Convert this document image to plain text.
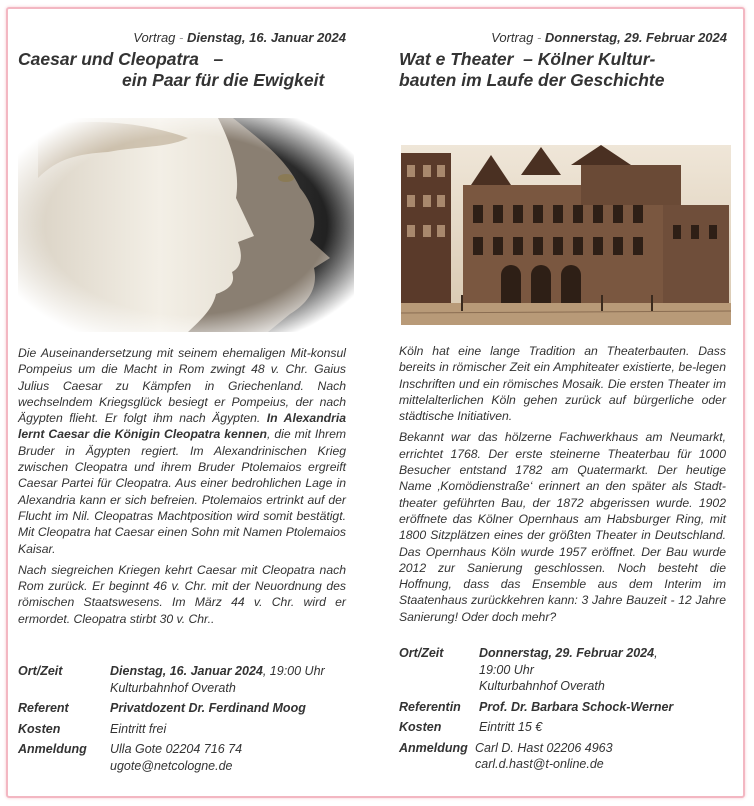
Vortrag - Dienstag, 16. Januar 2024
Caesar und Cleopatra   –
ein Paar für die Ewigkeit

Die Auseinandersetzung mit seinem ehemaligen Mit-konsul Pompeius um die Macht in Rom zwingt 48 v. Chr. Gaius Julius Caesar zu Kämpfen in Griechenland. Nach wechselndem Kriegsglück besiegt er Pompeius, der nach Ägypten flieht. Er folgt ihm nach Ägypten. In Alexandria lernt Caesar die Königin Cleopatra kennen, die mit Ihrem Bruder in Ägypten regiert. Im Alexandrinischen Krieg zwischen Cleopatra und ihrem Bruder Ptolemaios ergreift Caesar Partei für Cleopatra. Aus einer bedrohlichen Lage in Alexandria kann er sich befreien. Ptolemaios ertrinkt auf der Flucht im Nil. Cleopatras Machtposition wird somit bestätigt. Mit Cleopatra hat Caesar einen Sohn mit Namen Ptolemaios Kaisar.

Nach siegreichen Kriegen kehrt Caesar mit Cleopatra nach Rom zurück. Er beginnt 46 v. Chr. mit der Neuordnung des römischen Staatswesens. Im März 44 v. Chr. wird er ermordet. Cleopatra stirbt 30 v. Chr..

Ort/Zeit	Dienstag, 16. Januar 2024, 19:00 Uhr
Kulturbahnhof Overath
Referent	Privatdozent Dr. Ferdinand Moog
Kosten	Eintritt frei
Anmeldung	Ulla Gote 02204 716 74
ugote@netcologne.de
Vortrag - Donnerstag, 29. Februar 2024
Wat e Theater  – Kölner Kultur-
bauten im Laufe der Geschichte

Köln hat eine lange Tradition an Theaterbauten. Dass bereits in römischer Zeit ein Amphiteater existierte, be-legen Inschriften und ein römisches Mosaik. Die ersten Theater im mittelalterlichen Köln gehen zurück auf bürgerliche oder städtische Initiativen.

Bekannt war das hölzerne Fachwerkhaus am Neumarkt, errichtet 1768. Der erste steinerne Theaterbau für 1000 Besucher entstand 1782 am Quatermarkt. Der heutige Name ‚Komödienstraße‘ erinnert an den später als Stadt-theater geführten Bau, der 1872 abgerissen wurde. 1902 eröffnete das Kölner Opernhaus am Habsburger Ring, mit 1800 Sitzplätzen eines der größten Theater in Deutschland. Das Opernhaus Köln wurde 1957 eröffnet. Der Bau wurde 2012 zur Sanierung geschlossen. Noch besteht die Hoffnung, dass das Ensemble aus dem Interim im Staatenhaus zurückkehren kann: 3 Jahre Bauzeit - 12 Jahre Sanierung! Oder doch mehr?

Ort/Zeit	Donnerstag, 29. Februar 2024,
19:00 Uhr
Kulturbahnhof Overath
Referentin	Prof. Dr. Barbara Schock-Werner
Kosten	Eintritt 15 €
Anmeldung Carl D. Hast 02206 4963
carl.d.hast@t-online.de
